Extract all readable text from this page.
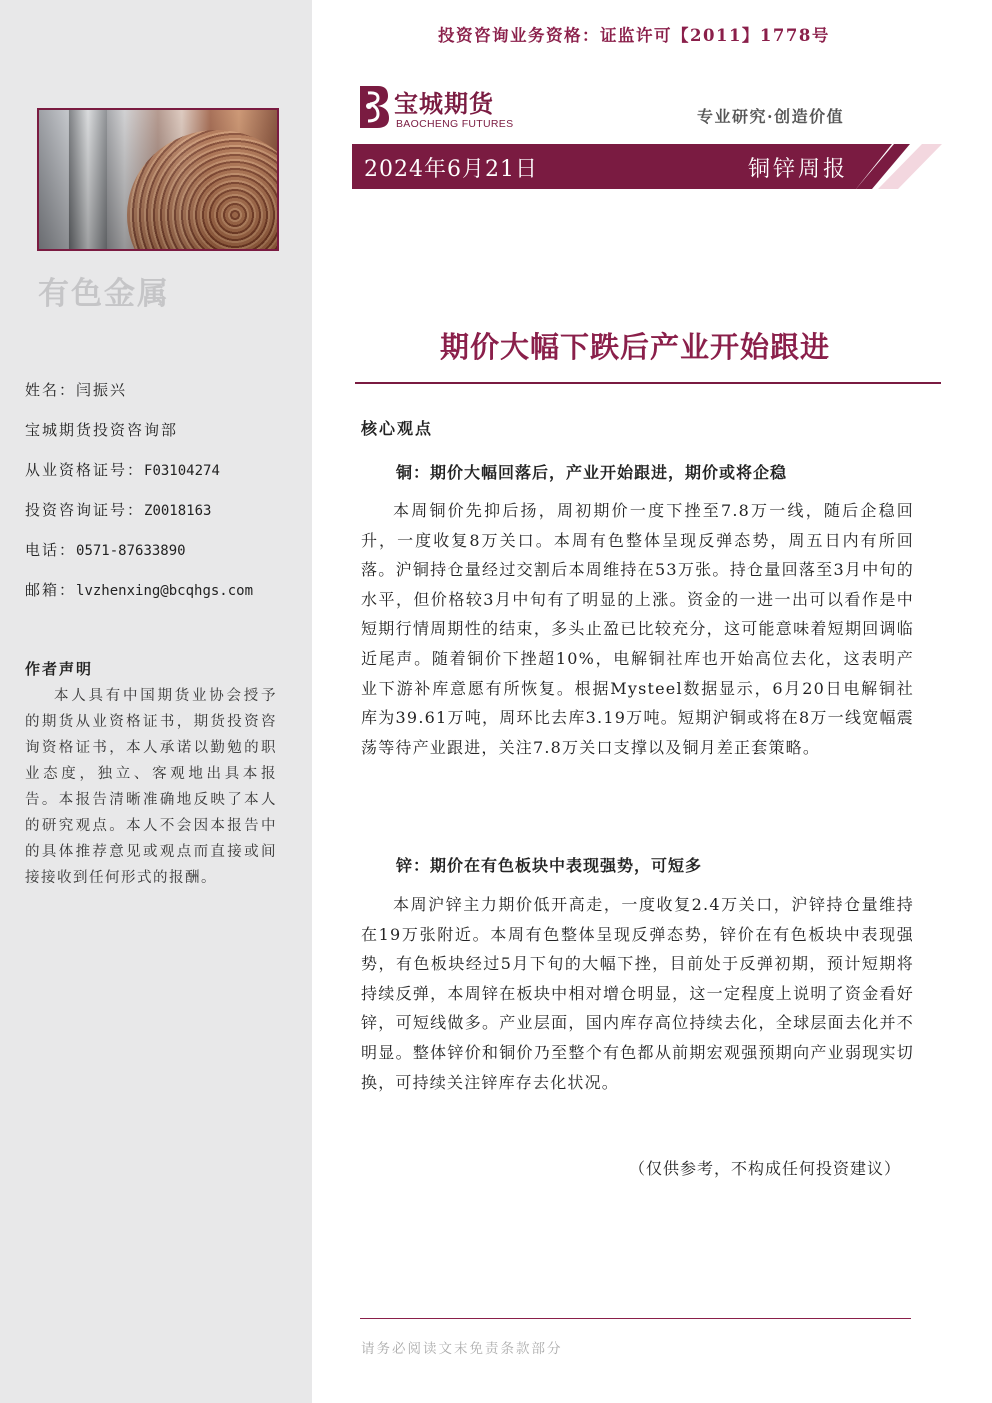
有色金属
姓名：闫振兴
宝城期货投资咨询部
从业资格证号：F03104274
投资咨询证号：Z0018163
电话：0571-87633890
邮箱：lvzhenxing@bcqhgs.com
作者声明
本人具有中国期货业协会授予的期货从业资格证书，期货投资咨询资格证书，本人承诺以勤勉的职业态度，独立、客观地出具本报告。本报告清晰准确地反映了本人的研究观点。本人不会因本报告中的具体推荐意见或观点而直接或间接接收到任何形式的报酬。
投资咨询业务资格：证监许可【2011】1778号
宝城期货
BAOCHENG FUTURES	专业研究·创造价值
2024年6月21日	铜锌周报
期价大幅下跌后产业开始跟进
核心观点
铜：期价大幅回落后，产业开始跟进，期价或将企稳
本周铜价先抑后扬，周初期价一度下挫至7.8万一线，随后企稳回升，一度收复8万关口。本周有色整体呈现反弹态势，周五日内有所回落。沪铜持仓量经过交割后本周维持在53万张。持仓量回落至3月中旬的水平，但价格较3月中旬有了明显的上涨。资金的一进一出可以看作是中短期行情周期性的结束，多头止盈已比较充分，这可能意味着短期回调临近尾声。随着铜价下挫超10%，电解铜社库也开始高位去化，这表明产业下游补库意愿有所恢复。根据Mysteel数据显示，6月20日电解铜社库为39.61万吨，周环比去库3.19万吨。短期沪铜或将在8万一线宽幅震荡等待产业跟进，关注7.8万关口支撑以及铜月差正套策略。
锌：期价在有色板块中表现强势，可短多
本周沪锌主力期价低开高走，一度收复2.4万关口，沪锌持仓量维持在19万张附近。本周有色整体呈现反弹态势，锌价在有色板块中表现强势，有色板块经过5月下旬的大幅下挫，目前处于反弹初期，预计短期将持续反弹，本周锌在板块中相对增仓明显，这一定程度上说明了资金看好锌，可短线做多。产业层面，国内库存高位持续去化，全球层面去化并不明显。整体锌价和铜价乃至整个有色都从前期宏观强预期向产业弱现实切换，可持续关注锌库存去化状况。
（仅供参考，不构成任何投资建议）
请务必阅读文末免责条款部分
